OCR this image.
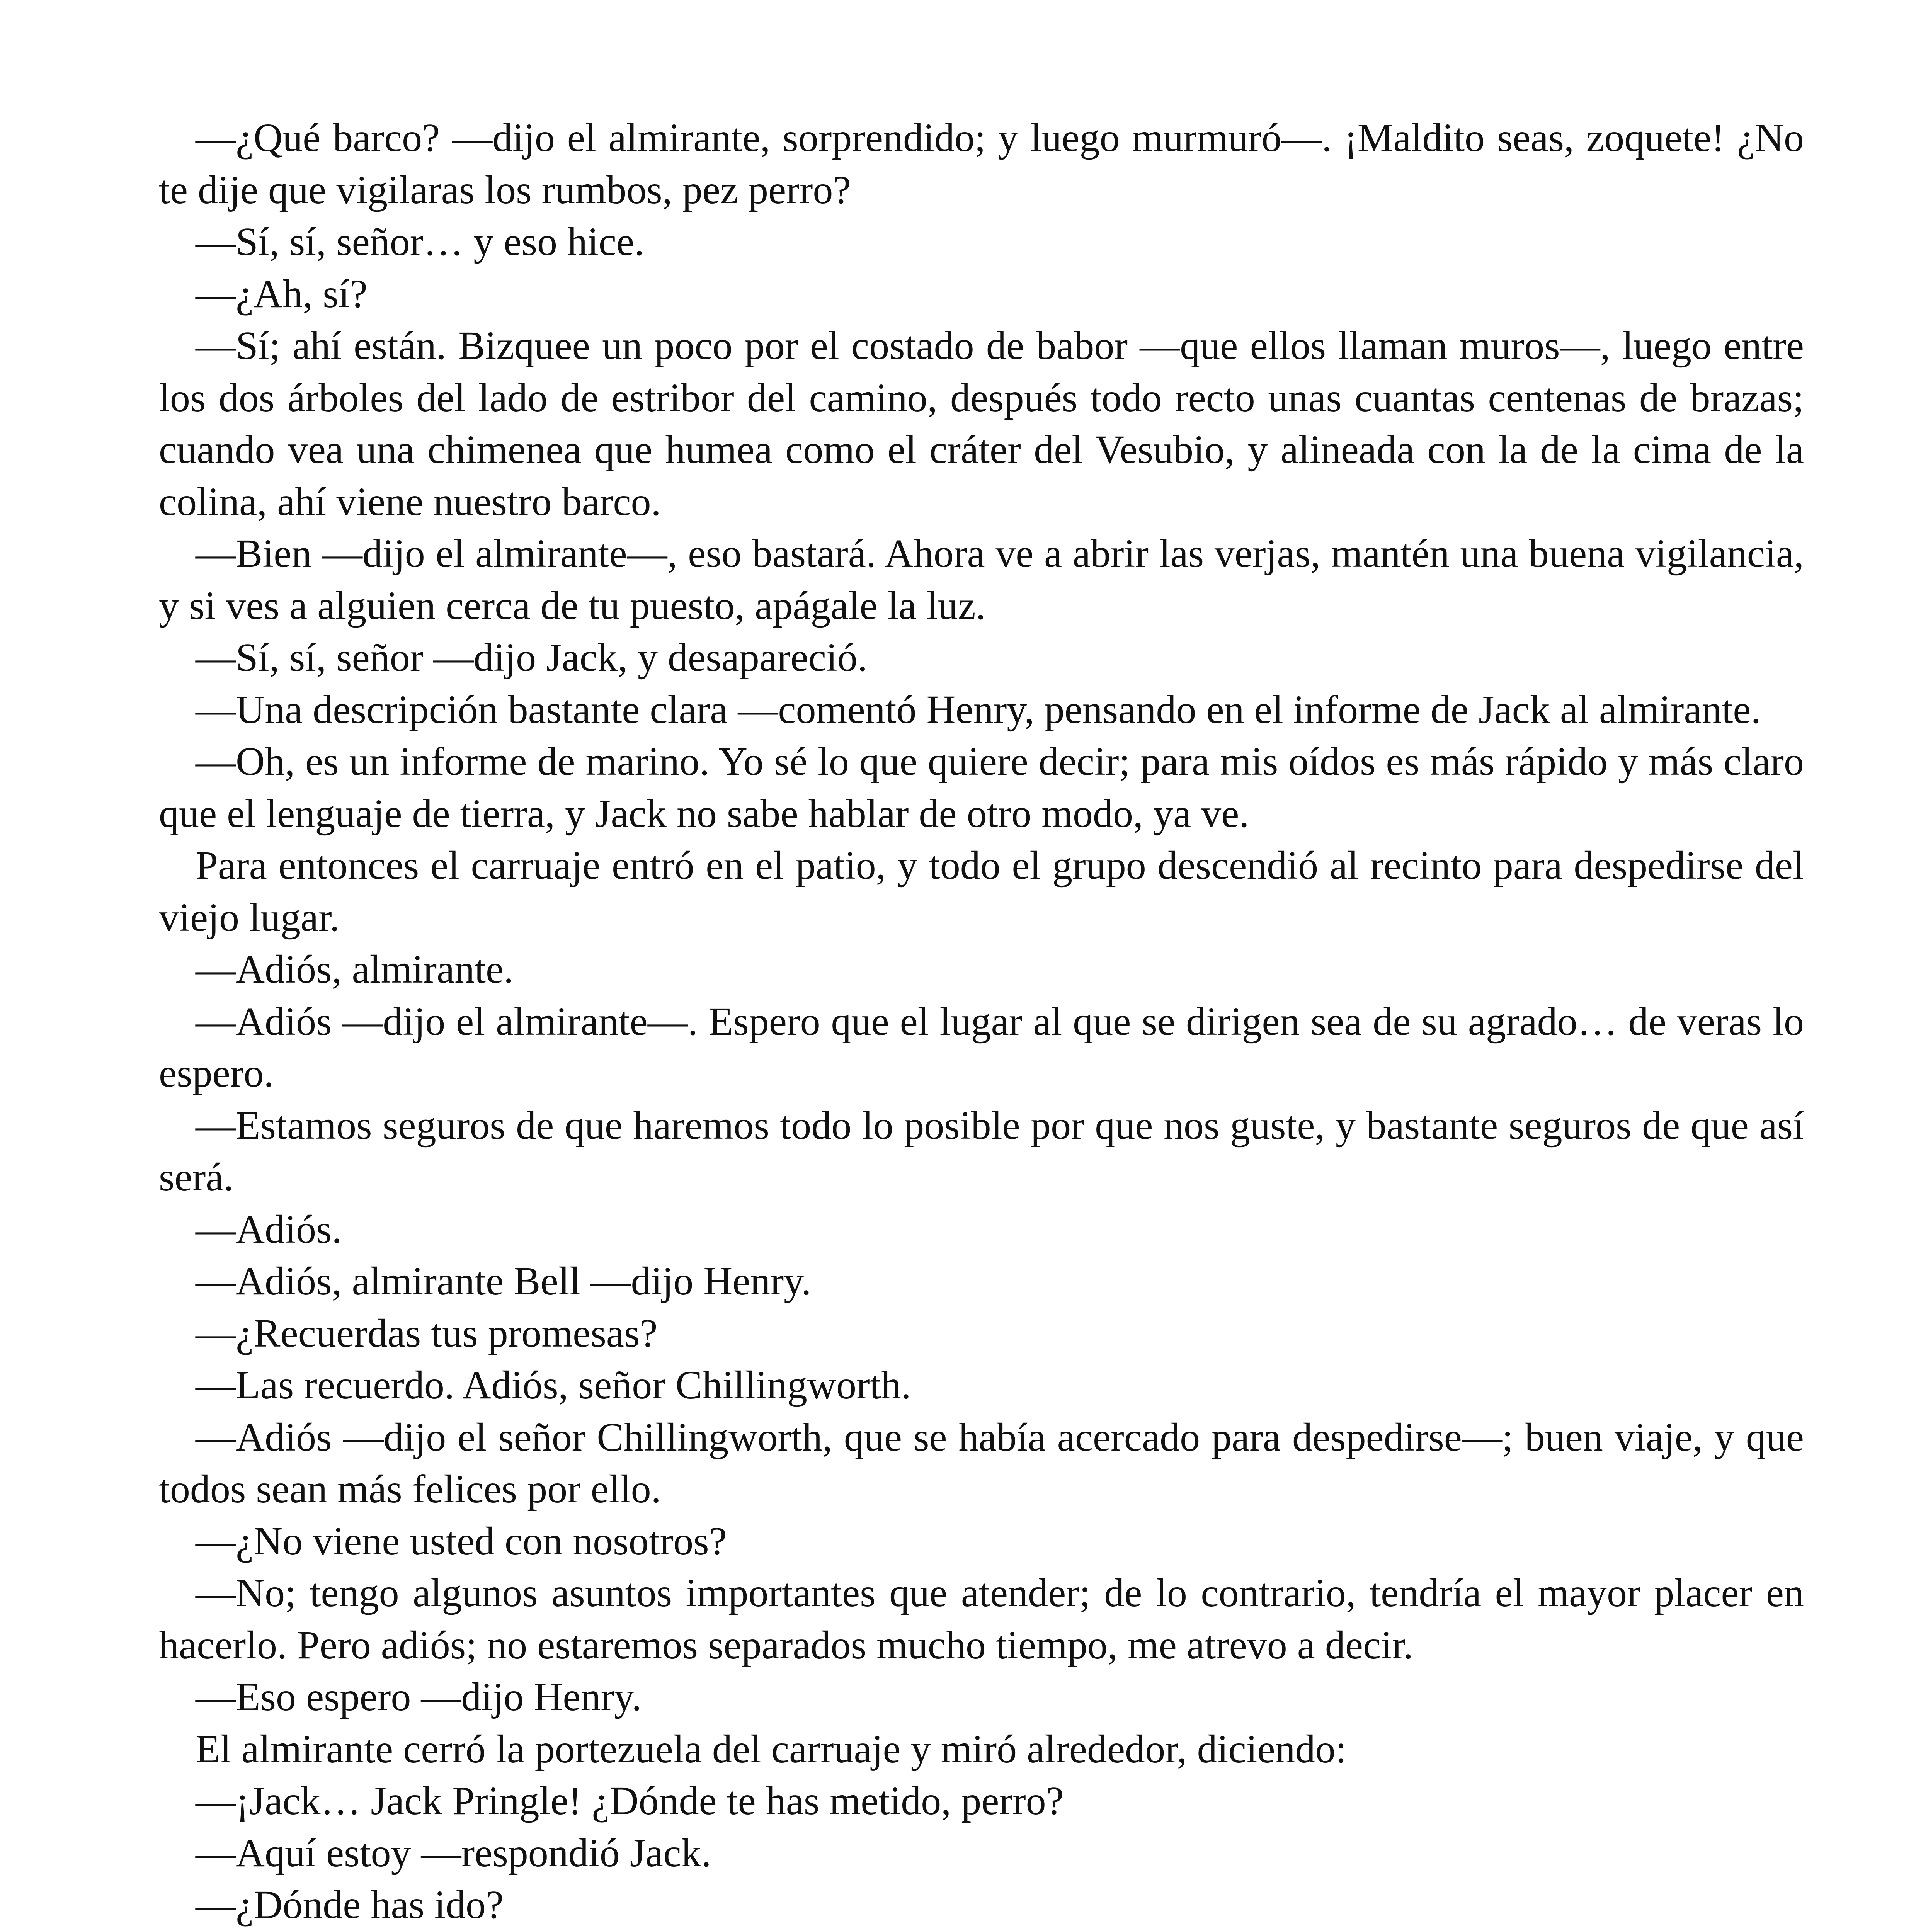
—¿Qué barco? —dijo el almirante, sorprendido; y luego murmuró—. ¡Maldito seas, zoquete! ¿No te dije que vigilaras los rumbos, pez perro?

—Sí, sí, señor… y eso hice.

—¿Ah, sí?

—Sí; ahí están. Bizquee un poco por el costado de babor —que ellos llaman muros—, luego entre los dos árboles del lado de estribor del camino, después todo recto unas cuantas centenas de brazas; cuando vea una chimenea que humea como el cráter del Vesubio, y alineada con la de la cima de la colina, ahí viene nuestro barco.

—Bien —dijo el almirante—, eso bastará. Ahora ve a abrir las verjas, mantén una buena vigilancia, y si ves a alguien cerca de tu puesto, apágale la luz.

—Sí, sí, señor —dijo Jack, y desapareció.

—Una descripción bastante clara —comentó Henry, pensando en el informe de Jack al almirante.

—Oh, es un informe de marino. Yo sé lo que quiere decir; para mis oídos es más rápido y más claro que el lenguaje de tierra, y Jack no sabe hablar de otro modo, ya ve.

Para entonces el carruaje entró en el patio, y todo el grupo descendió al recinto para despedirse del viejo lugar.

—Adiós, almirante.

—Adiós —dijo el almirante—. Espero que el lugar al que se dirigen sea de su agrado… de veras lo espero.

—Estamos seguros de que haremos todo lo posible por que nos guste, y bastante seguros de que así será.

—Adiós.

—Adiós, almirante Bell —dijo Henry.

—¿Recuerdas tus promesas?

—Las recuerdo. Adiós, señor Chillingworth.

—Adiós —dijo el señor Chillingworth, que se había acercado para despedirse—; buen viaje, y que todos sean más felices por ello.

—¿No viene usted con nosotros?

—No; tengo algunos asuntos importantes que atender; de lo contrario, tendría el mayor placer en hacerlo. Pero adiós; no estaremos separados mucho tiempo, me atrevo a decir.

—Eso espero —dijo Henry.

El almirante cerró la portezuela del carruaje y miró alrededor, diciendo:

—¡Jack… Jack Pringle! ¿Dónde te has metido, perro?

—Aquí estoy —respondió Jack.

—¿Dónde has ido?
